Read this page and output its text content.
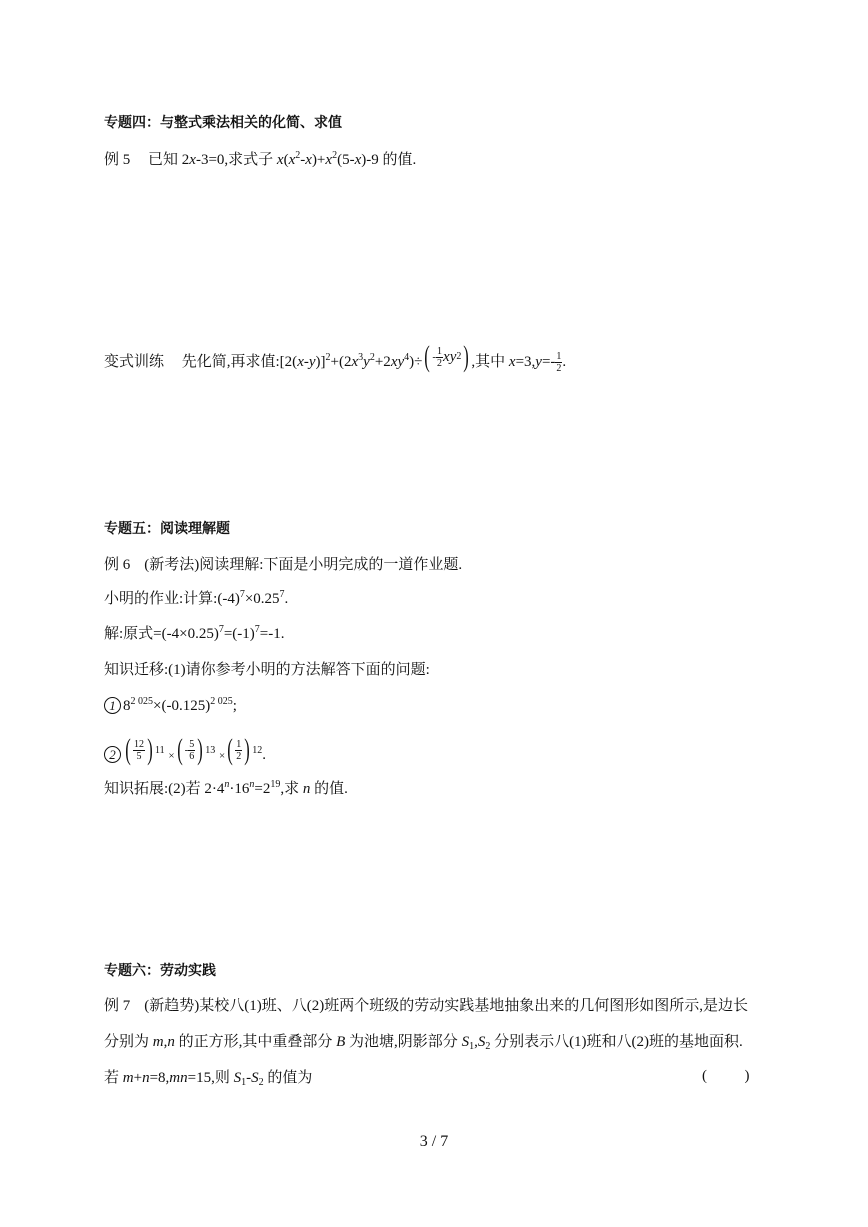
专题四：与整式乘法相关的化简、求值
例 5 已知 2x-3=0,求式子 $x(x^2-x)+x^2(5-x)-9$ 的值.
变式训练 先化简,再求值$:[2(x-y)]^2+(2x^3y^2+2xy^4)\div$ ( - $\frac{1}{2}$ xy 2 ) ,其中 $x=3,y=- \frac{1}{2}$ .
专题五：阅读理解题
例 6 (新考法)阅读理解:下面是小明完成的一道作业题.
小明的作业:计算$:(-4)^7\times 0.25^7$.
解:原式$=(-4\times 0.25)^7=(-1)^7=-1$.
知识迁移:(1)请你参考小明的方法解答下面的问题:
1 $8^{2 025}\times(-0.125)^{2 025}$;
2 ( $\frac{12}{5}$ ) $^{11}$ × ( - $\frac{5}{6}$ ) $^{13}$ × ( $\frac{1}{2}$ ) $^{12}$.
知识拓展:(2)若 $2\cdot 4^n\cdot 16^n=2^{19}$,求 n 的值.
专题六：劳动实践
例 7 (新趋势)某校八(1)班、八(2)班两个班级的劳动实践基地抽象出来的几何图形如图所示,是边长
分别为 m,n 的正方形,其中重叠部分 B 为池塘,阴影部分 $S_1,S_2$ 分别表示八(1)班和八(2)班的基地面积.
若 m+n=8,mn=15,则 $S_1-S_2$ 的值为	(          )
3 / 7
